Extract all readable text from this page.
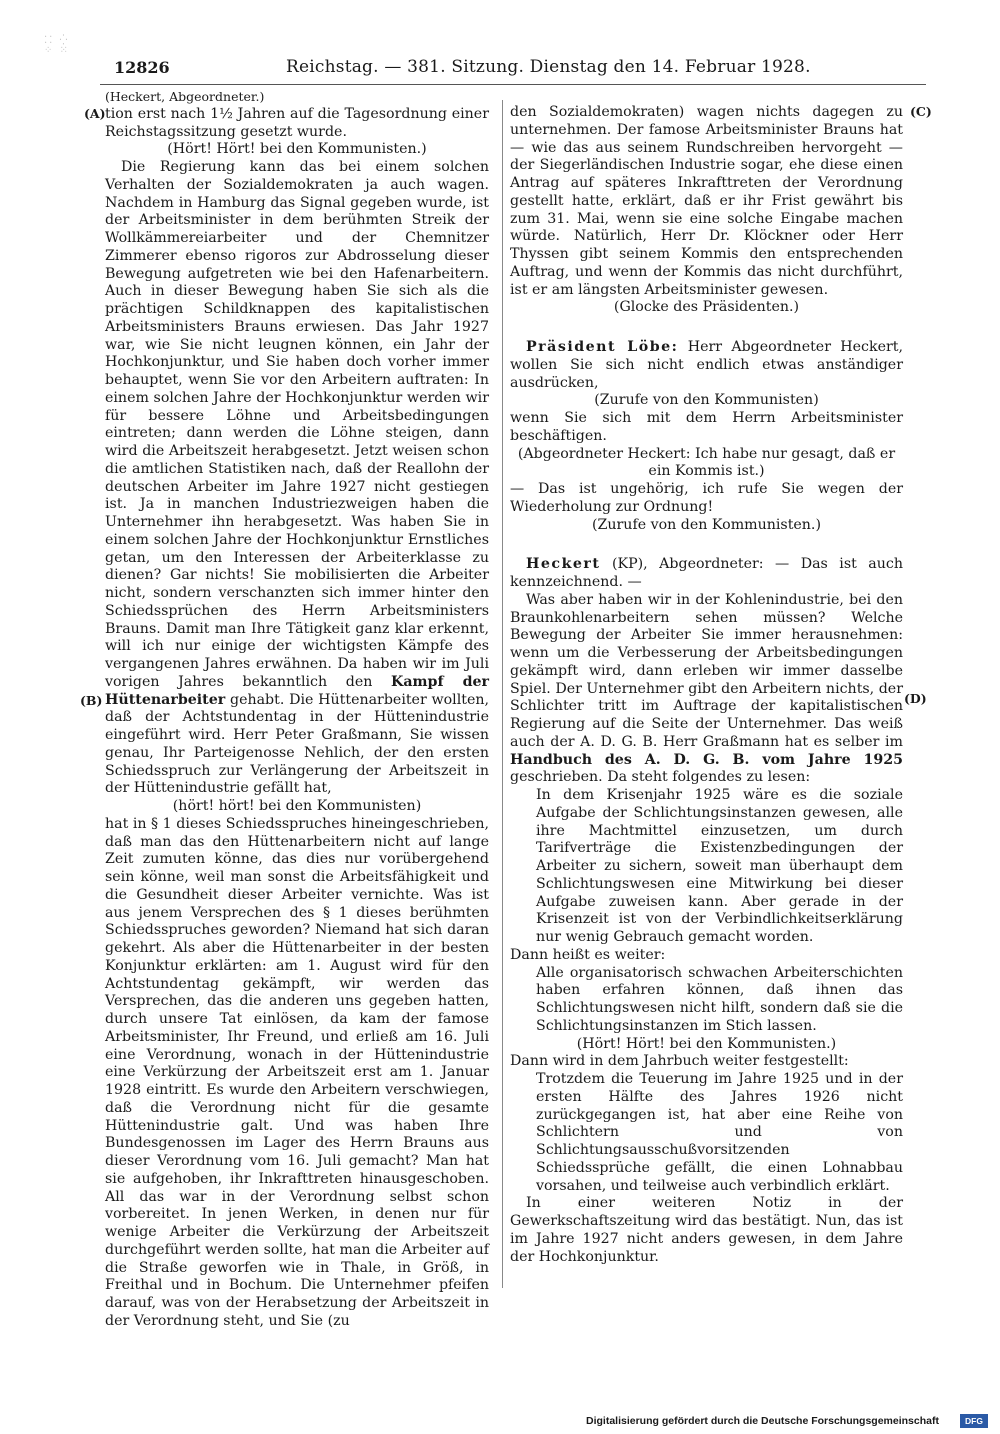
⁚⁚ ⁛
⁘ ⁙
12826	Reichstag. — 381. Sitzung. Dienstag den 14. Februar 1928.
(A)
(B)
(C)
(D)

(Heckert, Abgeordneter.)

tion erst nach 1½ Jahren auf die Tagesordnung einer Reichstagssitzung gesetzt wurde.

(Hört! Hört! bei den Kommunisten.)

Die Regierung kann das bei einem solchen Verhalten der Sozialdemokraten ja auch wagen. Nachdem in Hamburg das Signal gegeben wurde, ist der Arbeitsminister in dem berühmten Streik der Wollkämmereiarbeiter und der Chemnitzer Zimmerer ebenso rigoros zur Abdrosselung dieser Bewegung aufgetreten wie bei den Hafenarbeitern. Auch in dieser Bewegung haben Sie sich als die prächtigen Schildknappen des kapitalistischen Arbeitsministers Brauns erwiesen. Das Jahr 1927 war, wie Sie nicht leugnen können, ein Jahr der Hochkonjunktur, und Sie haben doch vorher immer behauptet, wenn Sie vor den Arbeitern auftraten: In einem solchen Jahre der Hochkonjunktur werden wir für bessere Löhne und Arbeitsbedingungen eintreten; dann werden die Löhne steigen, dann wird die Arbeitszeit herabgesetzt. Jetzt weisen schon die amtlichen Statistiken nach, daß der Reallohn der deutschen Arbeiter im Jahre 1927 nicht gestiegen ist. Ja in manchen Industriezweigen haben die Unternehmer ihn herabgesetzt. Was haben Sie in einem solchen Jahre der Hochkonjunktur Ernstliches getan, um den Interessen der Arbeiterklasse zu dienen? Gar nichts! Sie mobilisierten die Arbeiter nicht, sondern verschanzten sich immer hinter den Schiedssprüchen des Herrn Arbeitsministers Brauns. Damit man Ihre Tätigkeit ganz klar erkennt, will ich nur einige der wichtigsten Kämpfe des vergangenen Jahres erwähnen. Da haben wir im Juli vorigen Jahres bekanntlich den Kampf der Hüttenarbeiter gehabt. Die Hüttenarbeiter wollten, daß der Achtstundentag in der Hüttenindustrie eingeführt wird. Herr Peter Graßmann, Sie wissen genau, Ihr Parteigenosse Nehlich, der den ersten Schiedsspruch zur Verlängerung der Arbeitszeit in der Hüttenindustrie gefällt hat,

(hört! hört! bei den Kommunisten)

hat in § 1 dieses Schiedsspruches hineingeschrieben, daß man das den Hüttenarbeitern nicht auf lange Zeit zumuten könne, das dies nur vorübergehend sein könne, weil man sonst die Arbeitsfähigkeit und die Gesundheit dieser Arbeiter vernichte. Was ist aus jenem Versprechen des § 1 dieses berühmten Schiedsspruches geworden? Niemand hat sich daran gekehrt. Als aber die Hüttenarbeiter in der besten Konjunktur erklärten: am 1. August wird für den Achtstundentag gekämpft, wir werden das Versprechen, das die anderen uns gegeben hatten, durch unsere Tat einlösen, da kam der famose Arbeitsminister, Ihr Freund, und erließ am 16. Juli eine Verordnung, wonach in der Hüttenindustrie eine Verkürzung der Arbeitszeit erst am 1. Januar 1928 eintritt. Es wurde den Arbeitern verschwiegen, daß die Verordnung nicht für die gesamte Hüttenindustrie galt. Und was haben Ihre Bundesgenossen im Lager des Herrn Brauns aus dieser Verordnung vom 16. Juli gemacht? Man hat sie aufgehoben, ihr Inkrafttreten hinausgeschoben. All das war in der Verordnung selbst schon vorbereitet. In jenen Werken, in denen nur für wenige Arbeiter die Verkürzung der Arbeitszeit durchgeführt werden sollte, hat man die Arbeiter auf die Straße geworfen wie in Thale, in Größ, in Freithal und in Bochum. Die Unternehmer pfeifen darauf, was von der Herabsetzung der Arbeitszeit in der Verordnung steht, und Sie (zu

den Sozialdemokraten) wagen nichts dagegen zu unternehmen. Der famose Arbeitsminister Brauns hat — wie das aus seinem Rundschreiben hervorgeht — der Siegerländischen Industrie sogar, ehe diese einen Antrag auf späteres Inkrafttreten der Verordnung gestellt hatte, erklärt, daß er ihr Frist gewährt bis zum 31. Mai, wenn sie eine solche Eingabe machen würde. Natürlich, Herr Dr. Klöckner oder Herr Thyssen gibt seinem Kommis den entsprechenden Auftrag, und wenn der Kommis das nicht durchführt, ist er am längsten Arbeitsminister gewesen.

(Glocke des Präsidenten.)

Präsident Löbe: Herr Abgeordneter Heckert, wollen Sie sich nicht endlich etwas anständiger ausdrücken,

(Zurufe von den Kommunisten)

wenn Sie sich mit dem Herrn Arbeitsminister beschäftigen.

(Abgeordneter Heckert: Ich habe nur gesagt, daß er ein Kommis ist.)

— Das ist ungehörig, ich rufe Sie wegen der Wiederholung zur Ordnung!

(Zurufe von den Kommunisten.)

Heckert (KP), Abgeordneter: — Das ist auch kennzeichnend. —

Was aber haben wir in der Kohlenindustrie, bei den Braunkohlenarbeitern sehen müssen? Welche Bewegung der Arbeiter Sie immer herausnehmen: wenn um die Verbesserung der Arbeitsbedingungen gekämpft wird, dann erleben wir immer dasselbe Spiel. Der Unternehmer gibt den Arbeitern nichts, der Schlichter tritt im Auftrage der kapitalistischen Regierung auf die Seite der Unternehmer. Das weiß auch der A. D. G. B. Herr Graßmann hat es selber im Handbuch des A. D. G. B. vom Jahre 1925 geschrieben. Da steht folgendes zu lesen:

In dem Krisenjahr 1925 wäre es die soziale Aufgabe der Schlichtungsinstanzen gewesen, alle ihre Machtmittel einzusetzen, um durch Tarifverträge die Existenzbedingungen der Arbeiter zu sichern, soweit man überhaupt dem Schlichtungswesen eine Mitwirkung bei dieser Aufgabe zuweisen kann. Aber gerade in der Krisenzeit ist von der Verbindlichkeitserklärung nur wenig Gebrauch gemacht worden.

Dann heißt es weiter:

Alle organisatorisch schwachen Arbeiterschichten haben erfahren können, daß ihnen das Schlichtungswesen nicht hilft, sondern daß sie die Schlichtungsinstanzen im Stich lassen.

(Hört! Hört! bei den Kommunisten.)

Dann wird in dem Jahrbuch weiter festgestellt:

Trotzdem die Teuerung im Jahre 1925 und in der ersten Hälfte des Jahres 1926 nicht zurückgegangen ist, hat aber eine Reihe von Schlichtern und von Schlichtungsausschußvorsitzenden Schiedssprüche gefällt, die einen Lohnabbau vorsahen, und teilweise auch verbindlich erklärt.

In einer weiteren Notiz in der Gewerkschaftszeitung wird das bestätigt. Nun, das ist im Jahre 1927 nicht anders gewesen, in dem Jahre der Hochkonjunktur.

Digitalisierung gefördert durch die Deutsche Forschungsgemeinschaft	DFG
